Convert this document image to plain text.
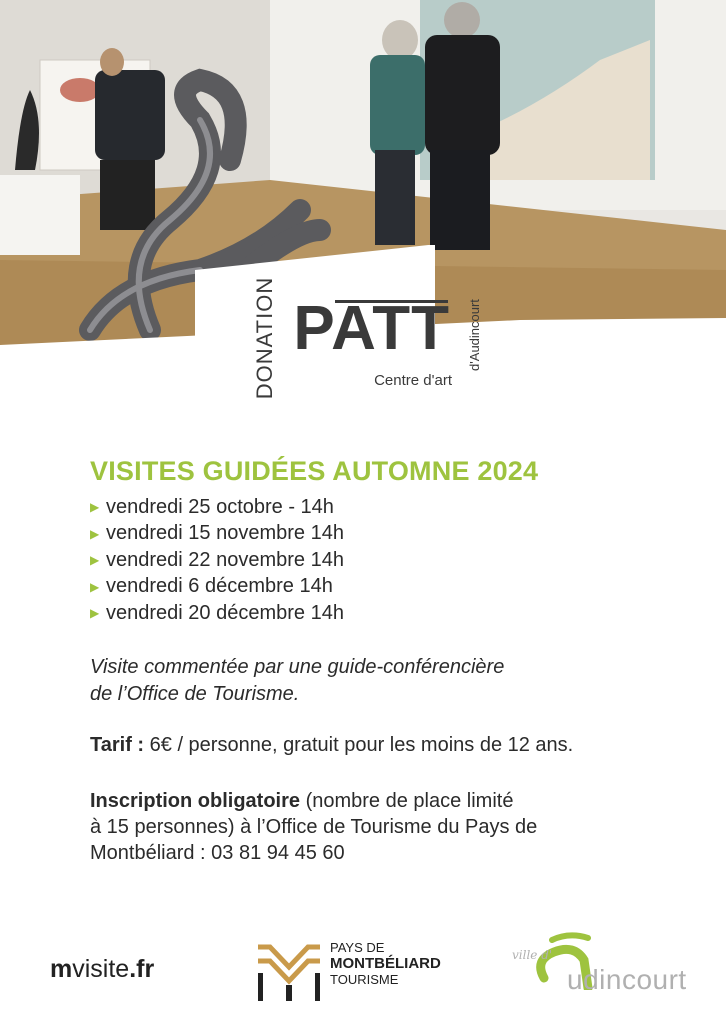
DONATION PATT
Centre d'art
d'Audincourt
VISITES GUIDÉES AUTOMNE 2024
▶ vendredi 25 octobre - 14h
▶ vendredi 15 novembre 14h
▶ vendredi 22 novembre 14h
▶ vendredi 6 décembre 14h
▶ vendredi 20 décembre 14h

Visite commentée par une guide-conférencière
de l’Office de Tourisme.

Tarif : 6€ / personne, gratuit pour les moins de 12 ans.

Inscription obligatoire (nombre de place limité
à 15 personnes) à l’Office de Tourisme du Pays de
Montbéliard : 03 81 94 45 60

mvisite.fr
PAYS DE
MONTBÉLIARD
TOURISME
ville d'
udincourt
